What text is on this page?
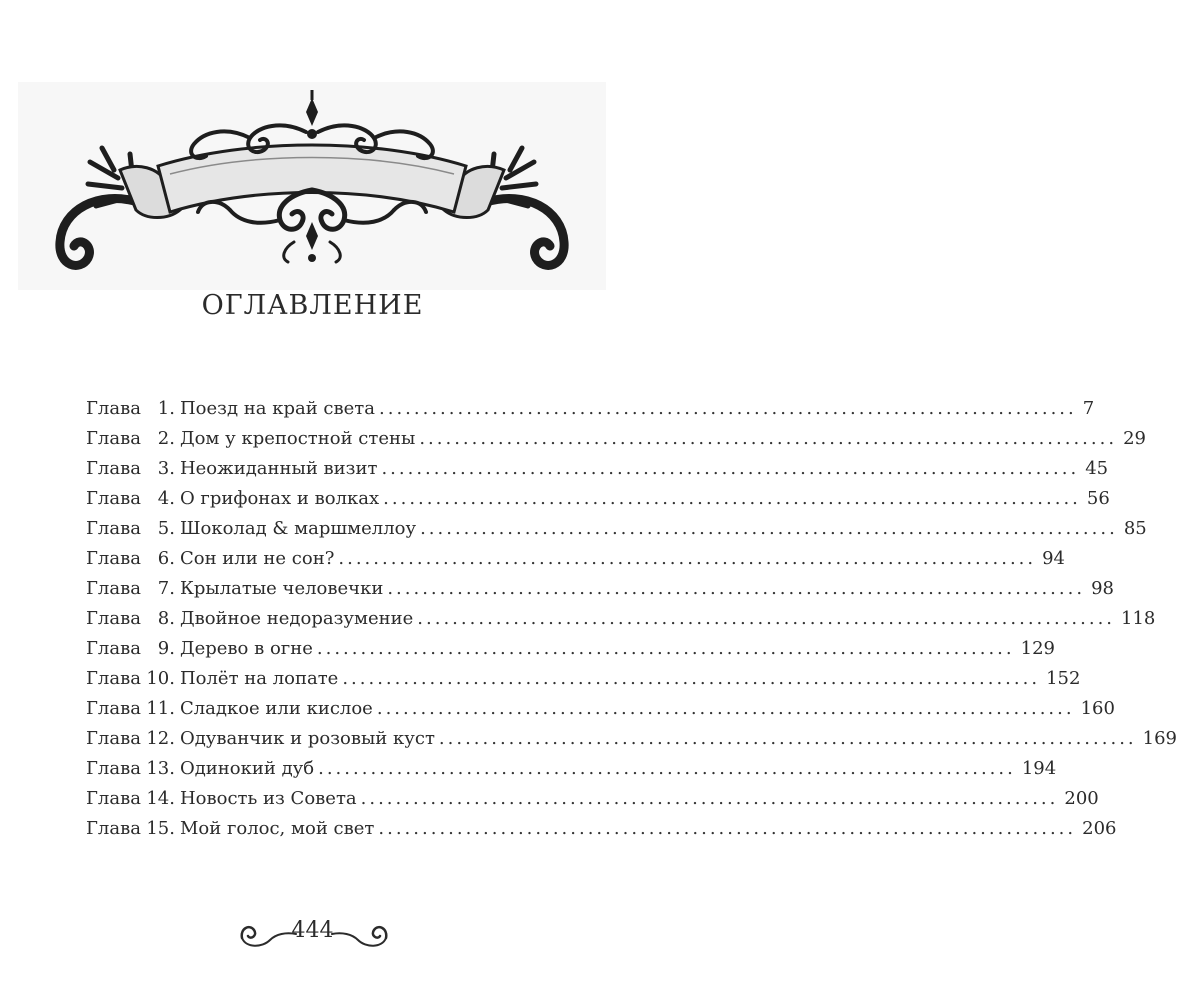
ОГЛАВЛЕНИЕ
Глава 1. Поезд на край света ................................................................................ 7
Глава 2. Дом у крепостной стены ................................................................................ 29
Глава 3. Неожиданный визит ................................................................................ 45
Глава 4. О грифонах и волках ................................................................................ 56
Глава 5. Шоколад & маршмеллоу ................................................................................ 85
Глава 6. Сон или не сон? ................................................................................ 94
Глава 7. Крылатые человечки ................................................................................ 98
Глава 8. Двойное недоразумение ................................................................................ 118
Глава 9. Дерево в огне ................................................................................ 129
Глава 10. Полёт на лопате ................................................................................ 152
Глава 11. Сладкое или кислое ................................................................................ 160
Глава 12. Одуванчик и розовый куст ................................................................................ 169
Глава 13. Одинокий дуб ................................................................................ 194
Глава 14. Новость из Совета ................................................................................ 200
Глава 15. Мой голос, мой свет ................................................................................ 206
444
